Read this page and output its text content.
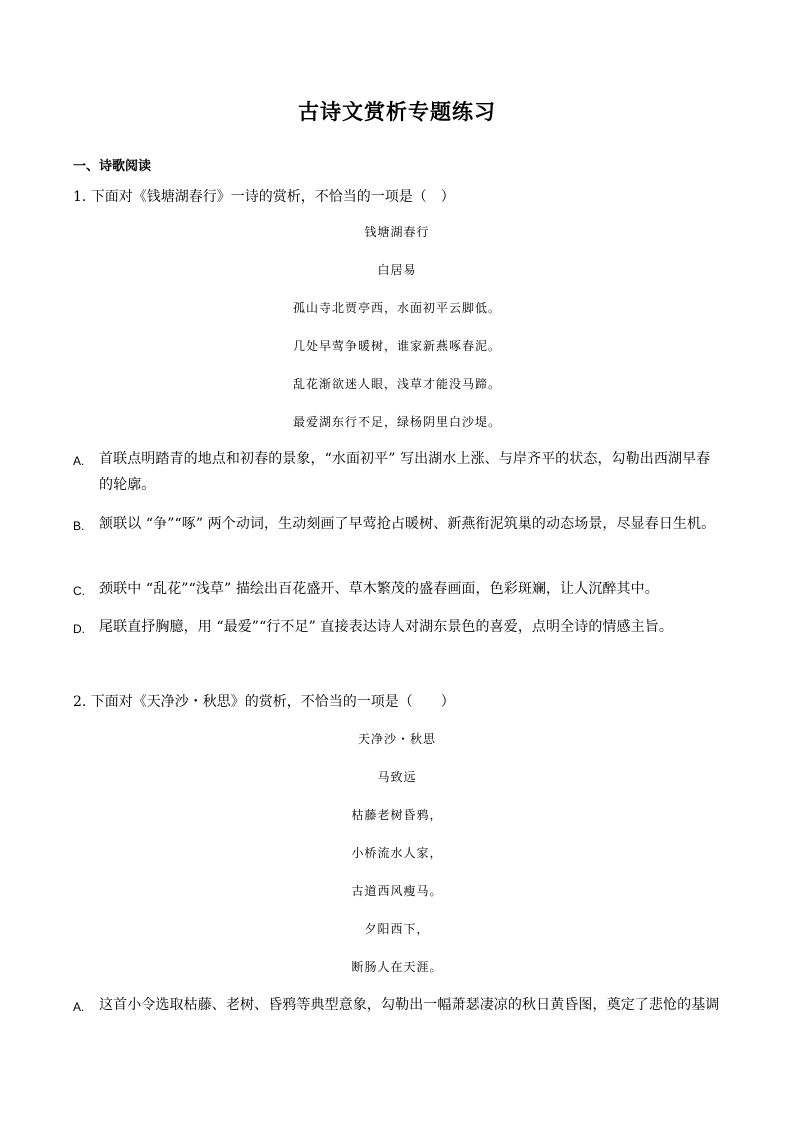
古诗文赏析专题练习
一、诗歌阅读
1. 下面对《钱塘湖春行》一诗的赏析，不恰当的一项是（　）
钱塘湖春行
白居易
孤山寺北贾亭西，水面初平云脚低。
几处早莺争暖树，谁家新燕啄春泥。
乱花渐欲迷人眼，浅草才能没马蹄。
最爱湖东行不足，绿杨阴里白沙堤。
A. 首联点明踏青的地点和初春的景象，“水面初平” 写出湖水上涨、与岸齐平的状态，勾勒出西湖早春的轮廓。
B. 颔联以 “争”“啄” 两个动词，生动刻画了早莺抢占暖树、新燕衔泥筑巢的动态场景，尽显春日生机。
C. 颈联中 “乱花”“浅草” 描绘出百花盛开、草木繁茂的盛春画面，色彩斑斓，让人沉醉其中。
D. 尾联直抒胸臆，用 “最爱”“行不足” 直接表达诗人对湖东景色的喜爱，点明全诗的情感主旨。
2. 下面对《天净沙・秋思》的赏析，不恰当的一项是（　　）
天净沙・秋思
马致远
枯藤老树昏鸦，
小桥流水人家，
古道西风瘦马。
夕阳西下，
断肠人在天涯。
A. 这首小令选取枯藤、老树、昏鸦等典型意象，勾勒出一幅萧瑟凄凉的秋日黄昏图，奠定了悲怆的基调
